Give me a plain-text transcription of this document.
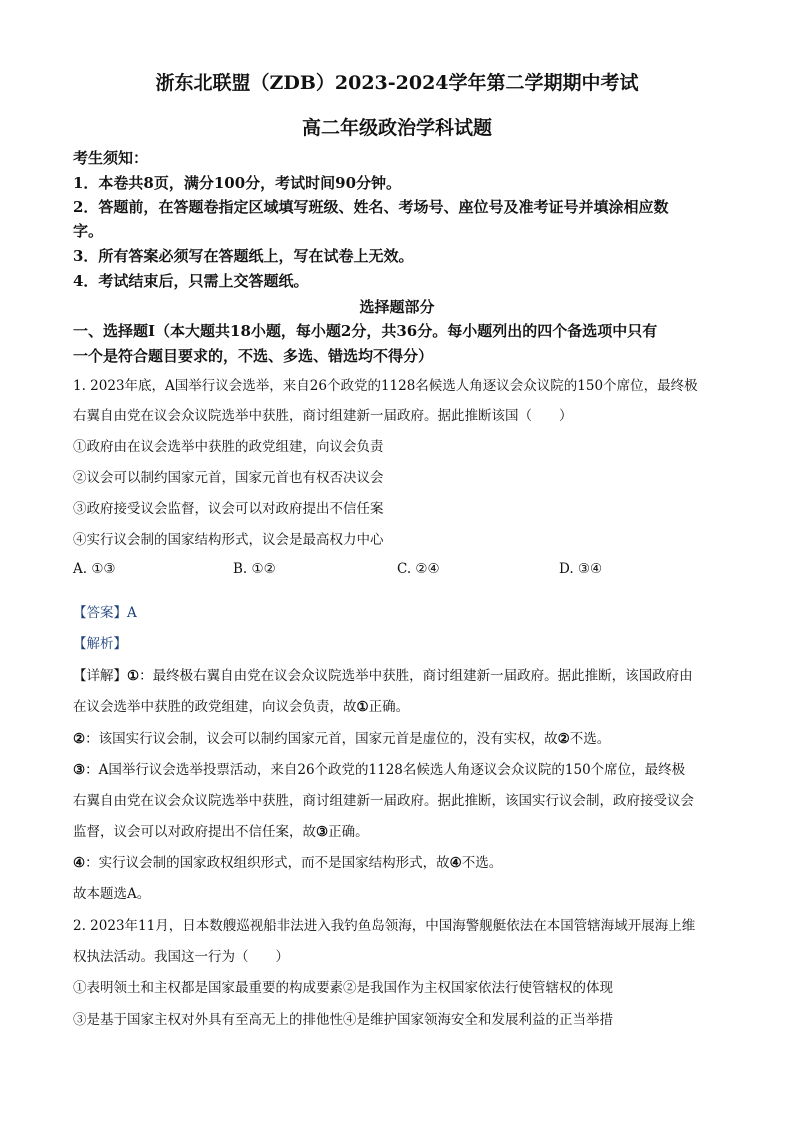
浙东北联盟（ZDB）2023-2024学年第二学期期中考试
高二年级政治学科试题
考生须知：
1．本卷共8页，满分100分，考试时间90分钟。
2．答题前，在答题卷指定区域填写班级、姓名、考场号、座位号及准考证号并填涂相应数
字。
3．所有答案必须写在答题纸上，写在试卷上无效。
4．考试结束后，只需上交答题纸。
选择题部分
一、选择题Ⅰ（本大题共18小题，每小题2分，共36分。每小题列出的四个备选项中只有
一个是符合题目要求的，不选、多选、错选均不得分）
1. 2023年底，A国举行议会选举，来自26个政党的1128名候选人角逐议会众议院的150个席位，最终极
右翼自由党在议会众议院选举中获胜，商讨组建新一届政府。据此推断该国（　　）
①政府由在议会选举中获胜的政党组建，向议会负责
②议会可以制约国家元首，国家元首也有权否决议会
③政府接受议会监督，议会可以对政府提出不信任案
④实行议会制的国家结构形式，议会是最高权力中心
A. ①③	B. ①②	C. ②④	D. ③④
【答案】A
【解析】
【详解】①：最终极右翼自由党在议会众议院选举中获胜，商讨组建新一届政府。据此推断，该国政府由
在议会选举中获胜的政党组建，向议会负责，故①正确。
②：该国实行议会制，议会可以制约国家元首，国家元首是虚位的，没有实权，故②不选。
③：A国举行议会选举投票活动，来自26个政党的1128名候选人角逐议会众议院的150个席位，最终极
右翼自由党在议会众议院选举中获胜，商讨组建新一届政府。据此推断，该国实行议会制，政府接受议会
监督，议会可以对政府提出不信任案，故③正确。
④：实行议会制的国家政权组织形式，而不是国家结构形式，故④不选。
故本题选A。
2. 2023年11月，日本数艘巡视船非法进入我钓鱼岛领海，中国海警舰艇依法在本国管辖海域开展海上维
权执法活动。我国这一行为（　　）
①表明领土和主权都是国家最重要的构成要素②是我国作为主权国家依法行使管辖权的体现
③是基于国家主权对外具有至高无上的排他性④是维护国家领海安全和发展利益的正当举措
